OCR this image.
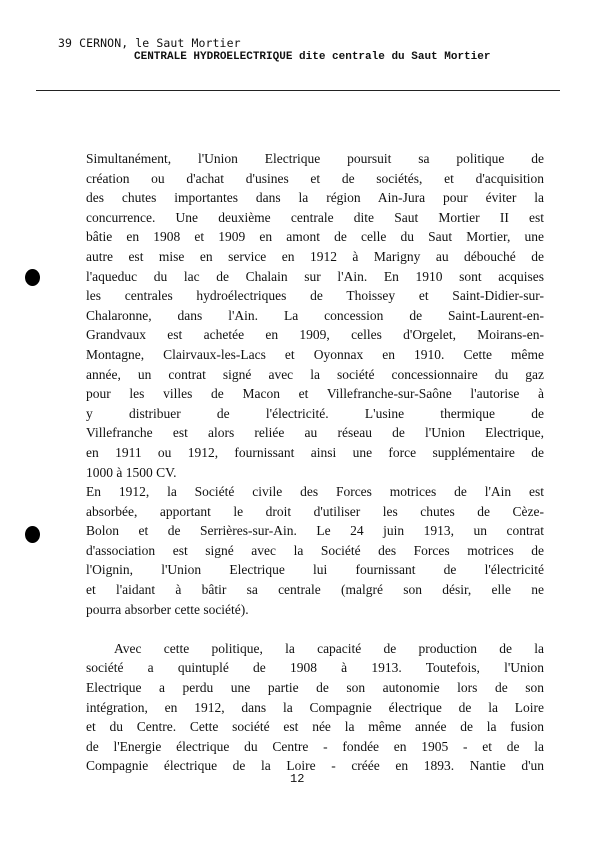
39 CERNON, le Saut Mortier
CENTRALE HYDROELECTRIQUE dite centrale du Saut Mortier
Simultanément, l'Union Electrique poursuit sa politique de
création ou d'achat d'usines et de sociétés, et d'acquisition
des chutes importantes dans la région Ain-Jura pour éviter la
concurrence. Une deuxième centrale dite Saut Mortier II est
bâtie en 1908 et 1909 en amont de celle du Saut Mortier, une
autre est mise en service en 1912 à Marigny au débouché de
l'aqueduc du lac de Chalain sur l'Ain. En 1910 sont acquises
les centrales hydroélectriques de Thoissey et Saint-Didier-sur-
Chalaronne, dans l'Ain. La concession de Saint-Laurent-en-
Grandvaux est achetée en 1909, celles d'Orgelet, Moirans-en-
Montagne, Clairvaux-les-Lacs et Oyonnax en 1910. Cette même
année, un contrat signé avec la société concessionnaire du gaz
pour les villes de Macon et Villefranche-sur-Saône l'autorise à
y distribuer de l'électricité. L'usine thermique de
Villefranche est alors reliée au réseau de l'Union Electrique,
en 1911 ou 1912, fournissant ainsi une force supplémentaire de
1000 à 1500 CV.
En 1912, la Société civile des Forces motrices de l'Ain est
absorbée, apportant le droit d'utiliser les chutes de Cèze-
Bolon et de Serrières-sur-Ain. Le 24 juin 1913, un contrat
d'association est signé avec la Société des Forces motrices de
l'Oignin, l'Union Electrique lui fournissant de l'électricité
et l'aidant à bâtir sa centrale (malgré son désir, elle ne
pourra absorber cette société).
Avec cette politique, la capacité de production de la
société a quintuplé de 1908 à 1913. Toutefois, l'Union
Electrique a perdu une partie de son autonomie lors de son
intégration, en 1912, dans la Compagnie électrique de la Loire
et du Centre. Cette société est née la même année de la fusion
de l'Energie électrique du Centre - fondée en 1905 - et de la
Compagnie électrique de la Loire - créée en 1893. Nantie d'un
12
